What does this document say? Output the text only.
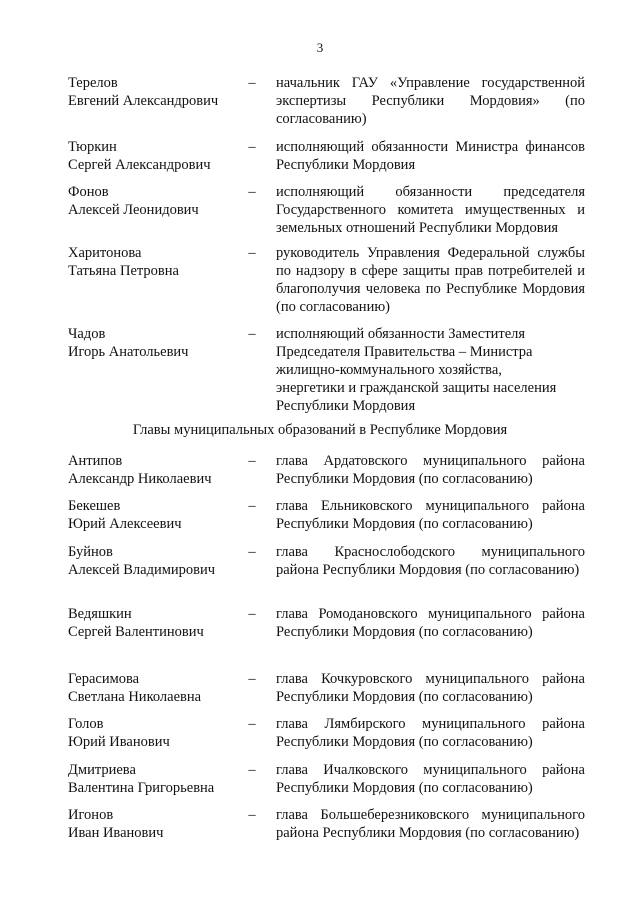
3
Терелов
Евгений Александрович
–	начальник ГАУ «Управление государственной экспертизы Республики Мордовия» (по согласованию)
Тюркин
Сергей Александрович
–	исполняющий обязанности Министра финансов Республики Мордовия
Фонов
Алексей Леонидович
–	исполняющий обязанности председателя Государственного комитета имущественных и земельных отношений Республики Мордовия
Харитонова
Татьяна Петровна
–	руководитель Управления Федеральной службы по надзору в сфере защиты прав потребителей и благополучия человека по Республике Мордовия (по согласованию)
Чадов
Игорь Анатольевич
–	исполняющий обязанности Заместителя
Председателя Правительства – Министра
жилищно-коммунального хозяйства,
энергетики и гражданской защиты населения
Республики Мордовия
Главы муниципальных образований в Республике Мордовия
Антипов
Александр Николаевич
–	глава Ардатовского муниципального района Республики Мордовия (по согласованию)
Бекешев
Юрий Алексеевич
–	глава Ельниковского муниципального района Республики Мордовия (по согласованию)
Буйнов
Алексей Владимирович
–	глава Краснослободского муниципального района Республики Мордовия (по согласованию)
Ведяшкин
Сергей Валентинович
–	глава Ромодановского муниципального района Республики Мордовия (по согласованию)
Герасимова
Светлана Николаевна
–	глава Кочкуровского муниципального района Республики Мордовия (по согласованию)
Голов
Юрий Иванович
–	глава Лямбирского муниципального района Республики Мордовия (по согласованию)
Дмитриева
Валентина Григорьевна
–	глава Ичалковского муниципального района Республики Мордовия (по согласованию)
Игонов
Иван Иванович
–	глава Большеберезниковского муниципального района Республики Мордовия (по согласованию)
